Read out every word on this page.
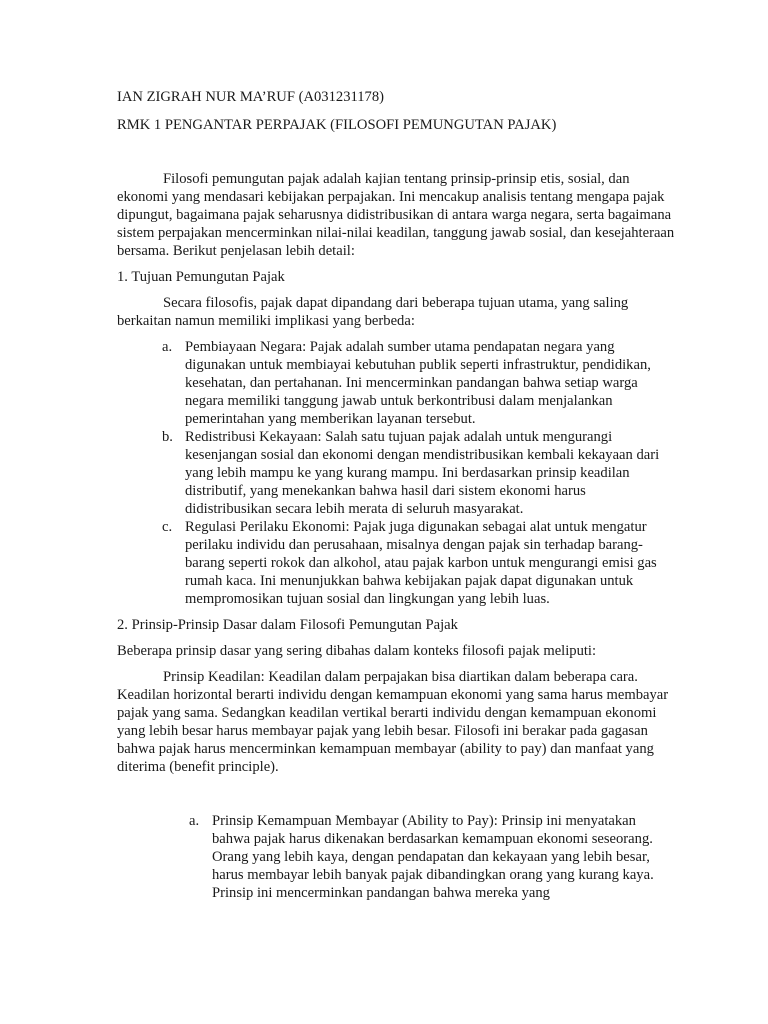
IAN ZIGRAH NUR MA’RUF (A031231178)

RMK 1 PENGANTAR PERPAJAK (FILOSOFI PEMUNGUTAN PAJAK)

Filosofi pemungutan pajak adalah kajian tentang prinsip-prinsip etis, sosial, dan ekonomi yang mendasari kebijakan perpajakan. Ini mencakup analisis tentang mengapa pajak dipungut, bagaimana pajak seharusnya didistribusikan di antara warga negara, serta bagaimana sistem perpajakan mencerminkan nilai-nilai keadilan, tanggung jawab sosial, dan kesejahteraan bersama. Berikut penjelasan lebih detail:

1. Tujuan Pemungutan Pajak

Secara filosofis, pajak dapat dipandang dari beberapa tujuan utama, yang saling berkaitan namun memiliki implikasi yang berbeda:

a. Pembiayaan Negara: Pajak adalah sumber utama pendapatan negara yang digunakan untuk membiayai kebutuhan publik seperti infrastruktur, pendidikan, kesehatan, dan pertahanan. Ini mencerminkan pandangan bahwa setiap warga negara memiliki tanggung jawab untuk berkontribusi dalam menjalankan pemerintahan yang memberikan layanan tersebut.
b. Redistribusi Kekayaan: Salah satu tujuan pajak adalah untuk mengurangi kesenjangan sosial dan ekonomi dengan mendistribusikan kembali kekayaan dari yang lebih mampu ke yang kurang mampu. Ini berdasarkan prinsip keadilan distributif, yang menekankan bahwa hasil dari sistem ekonomi harus didistribusikan secara lebih merata di seluruh masyarakat.
c. Regulasi Perilaku Ekonomi: Pajak juga digunakan sebagai alat untuk mengatur perilaku individu dan perusahaan, misalnya dengan pajak sin terhadap barang-barang seperti rokok dan alkohol, atau pajak karbon untuk mengurangi emisi gas rumah kaca. Ini menunjukkan bahwa kebijakan pajak dapat digunakan untuk mempromosikan tujuan sosial dan lingkungan yang lebih luas.

2. Prinsip-Prinsip Dasar dalam Filosofi Pemungutan Pajak

Beberapa prinsip dasar yang sering dibahas dalam konteks filosofi pajak meliputi:

Prinsip Keadilan: Keadilan dalam perpajakan bisa diartikan dalam beberapa cara. Keadilan horizontal berarti individu dengan kemampuan ekonomi yang sama harus membayar pajak yang sama. Sedangkan keadilan vertikal berarti individu dengan kemampuan ekonomi yang lebih besar harus membayar pajak yang lebih besar. Filosofi ini berakar pada gagasan bahwa pajak harus mencerminkan kemampuan membayar (ability to pay) dan manfaat yang diterima (benefit principle).

a. Prinsip Kemampuan Membayar (Ability to Pay): Prinsip ini menyatakan bahwa pajak harus dikenakan berdasarkan kemampuan ekonomi seseorang. Orang yang lebih kaya, dengan pendapatan dan kekayaan yang lebih besar, harus membayar lebih banyak pajak dibandingkan orang yang kurang kaya. Prinsip ini mencerminkan pandangan bahwa mereka yang
